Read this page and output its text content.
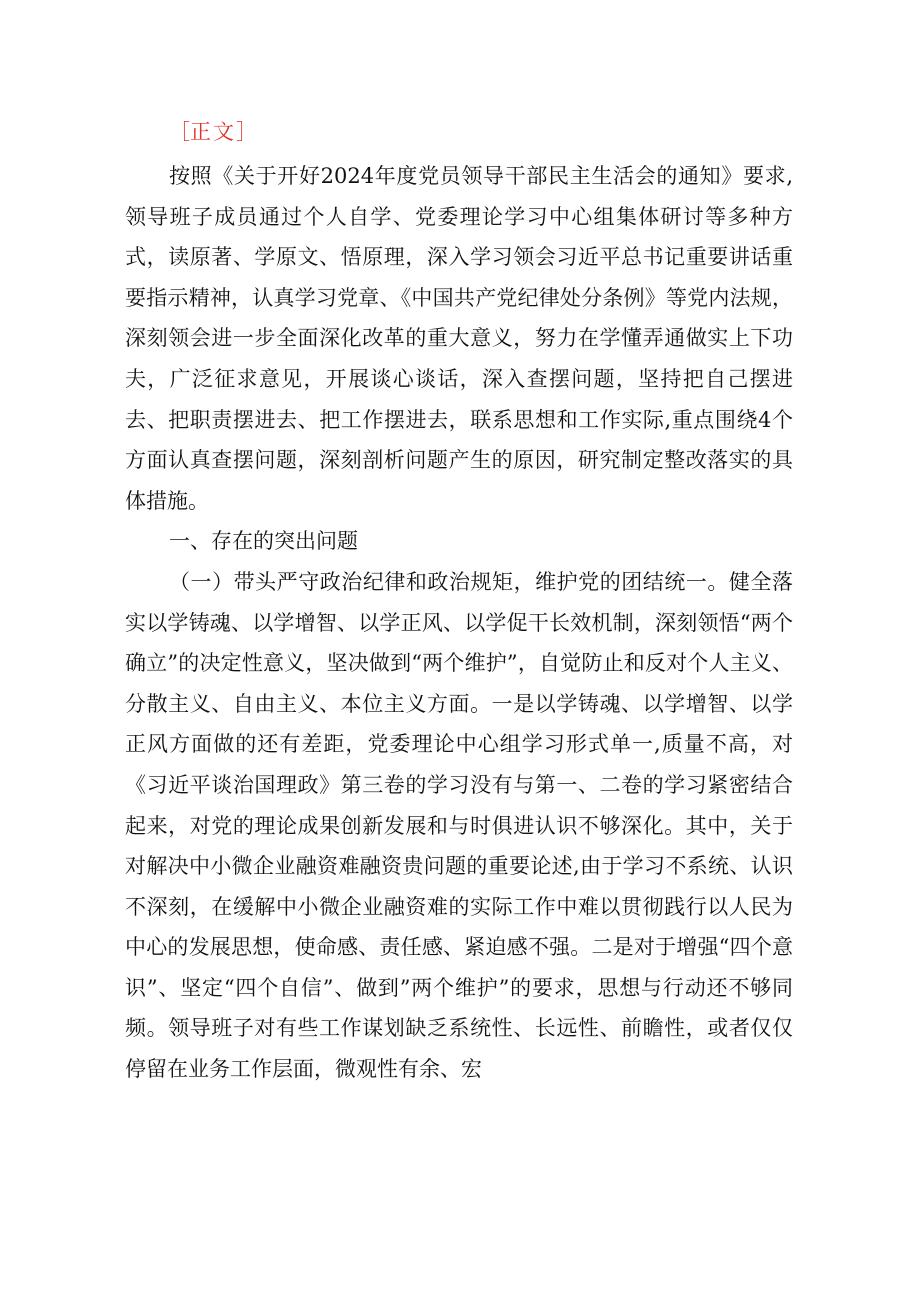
［正文］

按照《关于开好2024年度党员领导干部民主生活会的通知》要求,领导班子成员通过个人自学、党委理论学习中心组集体研讨等多种方式，读原著、学原文、悟原理，深入学习领会习近平总书记重要讲话重要指示精神，认真学习党章、《中国共产党纪律处分条例》等党内法规，深刻领会进一步全面深化改革的重大意义，努力在学懂弄通做实上下功夫，广泛征求意见，开展谈心谈话，深入查摆问题，坚持把自己摆进去、把职责摆进去、把工作摆进去，联系思想和工作实际,重点围绕4个方面认真查摆问题，深刻剖析问题产生的原因，研究制定整改落实的具体措施。

一、存在的突出问题

（一）带头严守政治纪律和政治规矩，维护党的团结统一。健全落实以学铸魂、以学增智、以学正风、以学促干长效机制，深刻领悟“两个确立”的决定性意义，坚决做到“两个维护”，自觉防止和反对个人主义、分散主义、自由主义、本位主义方面。一是以学铸魂、以学增智、以学正风方面做的还有差距，党委理论中心组学习形式单一,质量不高，对《习近平谈治国理政》第三卷的学习没有与第一、二卷的学习紧密结合起来，对党的理论成果创新发展和与时俱进认识不够深化。其中，关于对解决中小微企业融资难融资贵问题的重要论述,由于学习不系统、认识不深刻，在缓解中小微企业融资难的实际工作中难以贯彻践行以人民为中心的发展思想，使命感、责任感、紧迫感不强。二是对于增强“四个意识”、坚定“四个自信”、做到”两个维护”的要求，思想与行动还不够同频。领导班子对有些工作谋划缺乏系统性、长远性、前瞻性，或者仅仅停留在业务工作层面，微观性有余、宏
